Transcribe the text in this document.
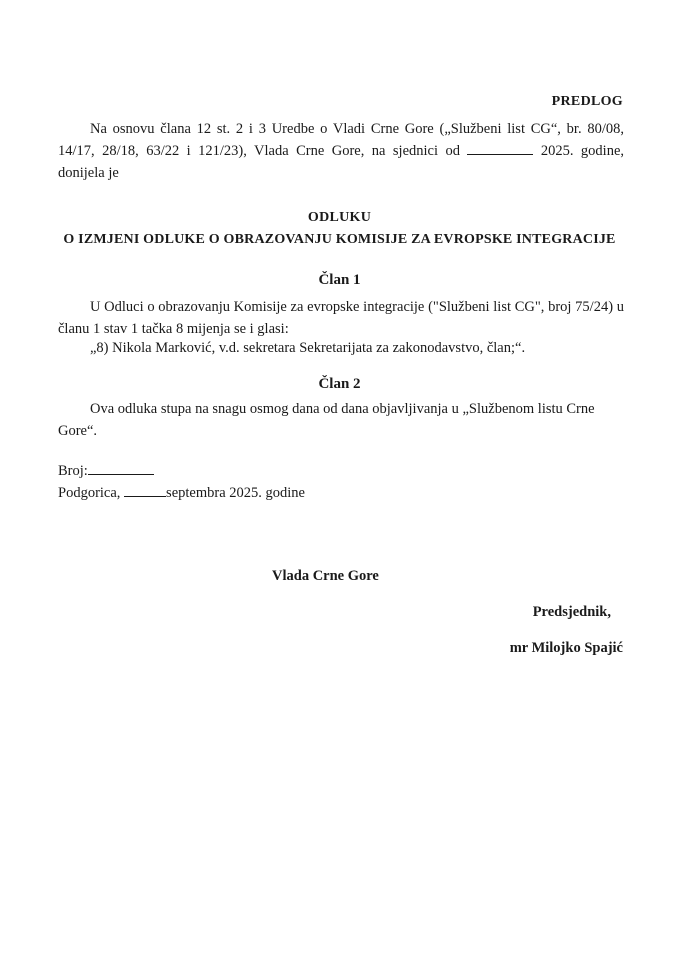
PREDLOG
Na osnovu člana 12 st. 2 i 3 Uredbe o Vladi Crne Gore („Službeni list CG“, br. 80/08, 14/17, 28/18, 63/22 i 121/23), Vlada Crne Gore, na sjednici od	2025. godine, donijela je
ODLUKU
O IZMJENI ODLUKE O OBRAZOVANJU KOMISIJE ZA EVROPSKE INTEGRACIJE
Član 1
U Odluci o obrazovanju Komisije za evropske integracije ("Službeni list CG", broj 75/24) u članu 1 stav 1 tačka 8 mijenja se i glasi:
„8) Nikola Marković, v.d. sekretara Sekretarijata za zakonodavstvo, član;“.
Član 2
Ova odluka stupa na snagu osmog dana od dana objavljivanja u „Službenom listu Crne Gore“.
Broj:
Podgorica,	septembra 2025. godine
Vlada Crne Gore
Predsjednik,
mr Milojko Spajić
